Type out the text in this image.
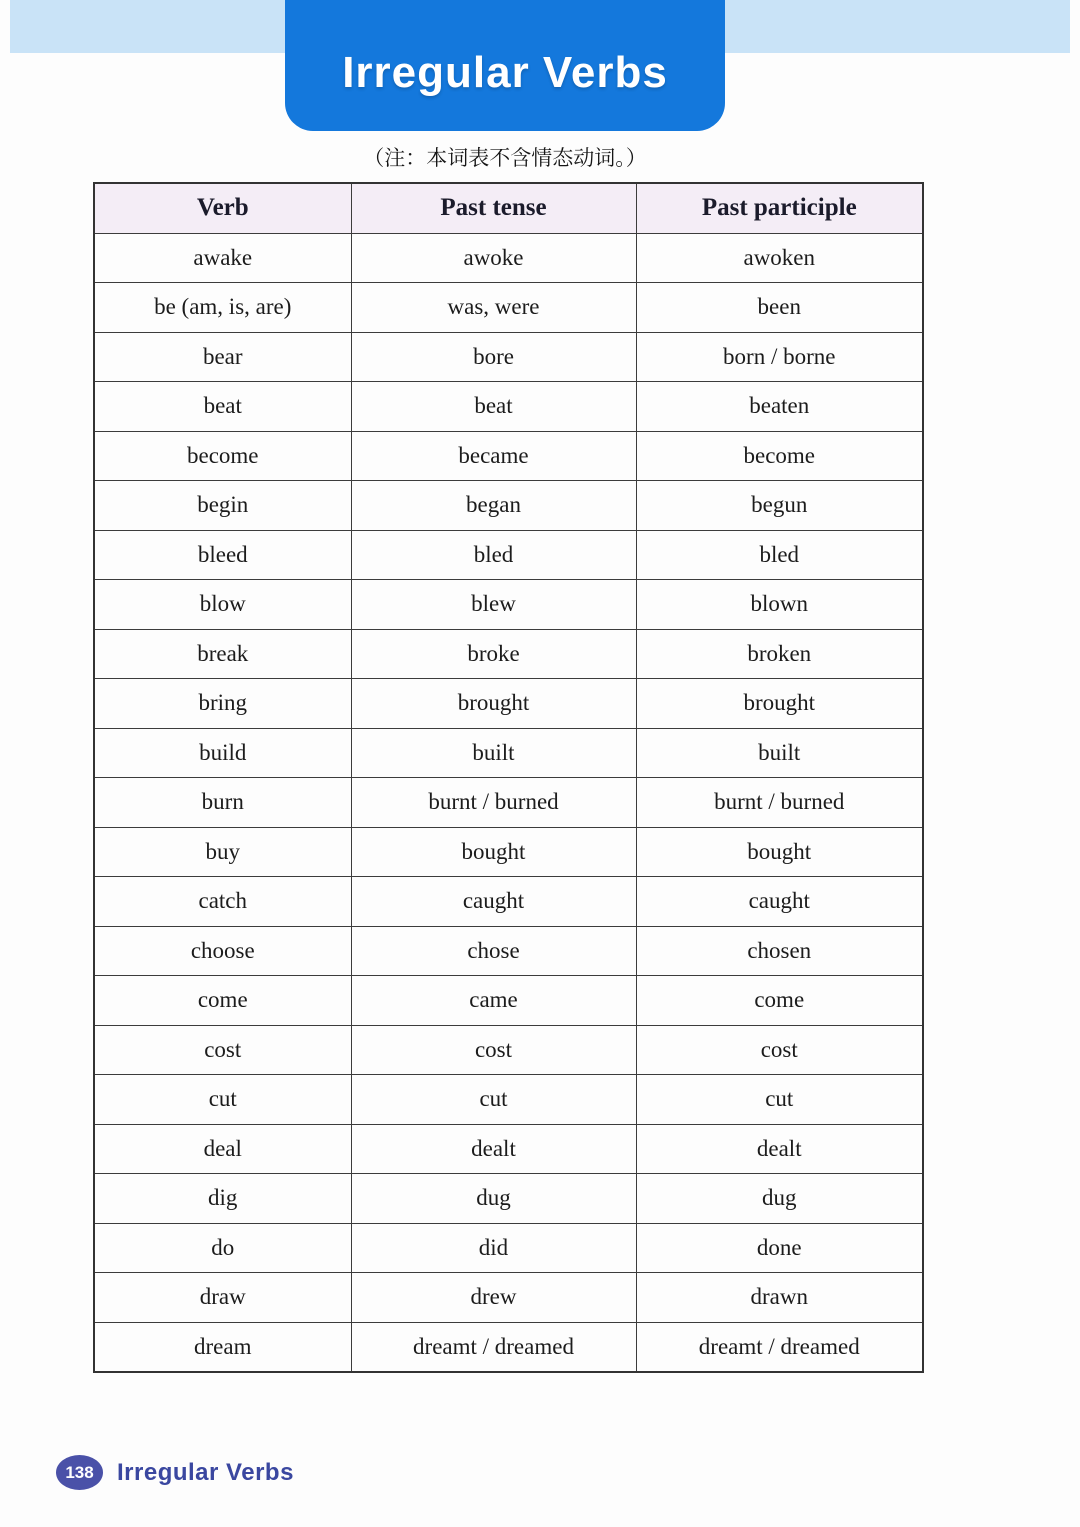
Irregular Verbs
（注：本词表不含情态动词。）
Verb	Past tense	Past participle
awake	awoke	awoken
be (am, is, are)	was, were	been
bear	bore	born / borne
beat	beat	beaten
become	became	become
begin	began	begun
bleed	bled	bled
blow	blew	blown
break	broke	broken
bring	brought	brought
build	built	built
burn	burnt / burned	burnt / burned
buy	bought	bought
catch	caught	caught
choose	chose	chosen
come	came	come
cost	cost	cost
cut	cut	cut
deal	dealt	dealt
dig	dug	dug
do	did	done
draw	drew	drawn
dream	dreamt / dreamed	dreamt / dreamed
138 Irregular Verbs
